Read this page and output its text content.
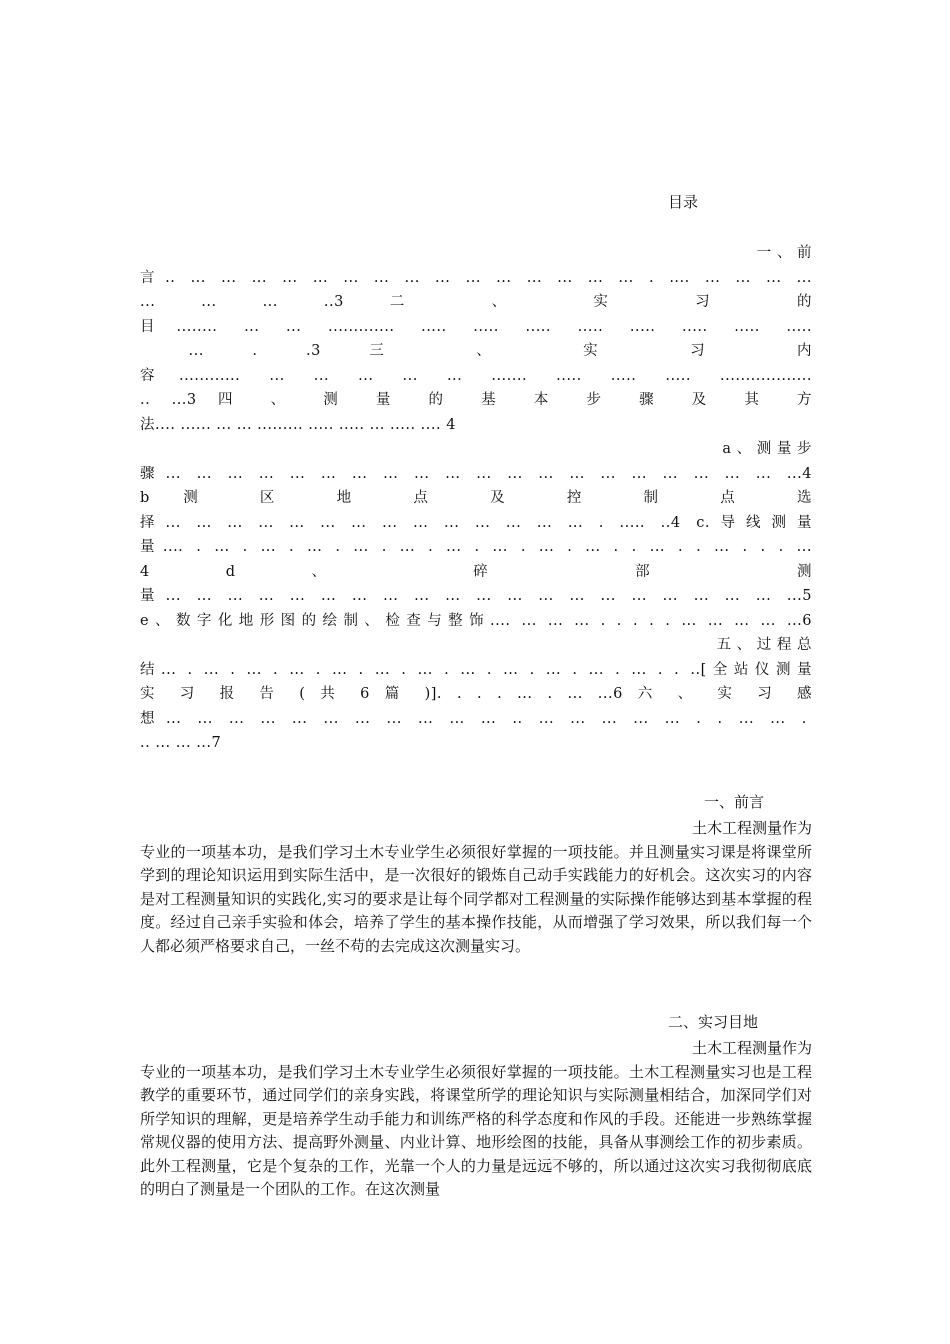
目录
一 、 前
言.. ... ... ... ... ... ... ... ... ... ... ... ... ... ... ... . .... ... ... ... ...
... ... ... ..3 二 、 实 习 的
目........ ... ... ............. ..... ..... ..... ..... ..... ..... ..... .....
... . .3 三 、 实 习 内
容............ ... ... ... ... ... ....... ..... ..... ..... ..................
.. ...3 四 、 测 量 的 基 本 步 骤 及 其 方
法.... ...... ... ... ......... ..... ..... ... ..... .... 4
a 、 测 量 步
骤... ... ... ... ... ... ... ... ... ... ... ... ... ... ... ... ... ... ... ... ...4
b 测 区 地 点 及 控 制 点 选
择... ... ... ... ... ... ... ... ... ... ... ... ... ... . ..... ..4 c.导线测量
量.... . ... . ... . ... . ... . ... . ... . ... . ... . ... . . ... . . ... . . . ...
4 d 、 碎 部 测
量... ... ... ... ... ... ... ... ... ... ... ... ... ... ... ... ... ... ... ... ...5
e、数字化地形图的绘制、检查与整饰.... ... ... ... . . . . . ... ... ... ... ...6
五 、 过 程 总
结... . ... . ... . ... . ... . ... . ... . ... . ... . ... . ... . ... . . ..[全站仪测量
实 习 报 告 ( 共 6 篇 )]. . . . ... . ... ...6 六 、 实 习 感
想... ... ... ... ... ... ... ... ... ... ... .. ... ... ... ... ... . . ... ... .
.. ... ... ...7
一、前言
土木工程测量作为
专业的一项基本功，是我们学习土木专业学生必须很好掌握的一项技能。并且测量实习课是将课堂所学到的理论知识运用到实际生活中，是一次很好的锻炼自己动手实践能力的好机会。这次实习的内容是对工程测量知识的实践化,实习的要求是让每个同学都对工程测量的实际操作能够达到基本掌握的程度。经过自己亲手实验和体会，培养了学生的基本操作技能，从而增强了学习效果，所以我们每一个人都必须严格要求自己，一丝不苟的去完成这次测量实习。
二、实习目地
土木工程测量作为
专业的一项基本功，是我们学习土木专业学生必须很好掌握的一项技能。土木工程测量实习也是工程教学的重要环节，通过同学们的亲身实践，将课堂所学的理论知识与实际测量相结合，加深同学们对所学知识的理解，更是培养学生动手能力和训练严格的科学态度和作风的手段。还能进一步熟练掌握常规仪器的使用方法、提高野外测量、内业计算、地形绘图的技能，具备从事测绘工作的初步素质。此外工程测量，它是个复杂的工作，光靠一个人的力量是远远不够的，所以通过这次实习我彻彻底底的明白了测量是一个团队的工作。在这次测量
